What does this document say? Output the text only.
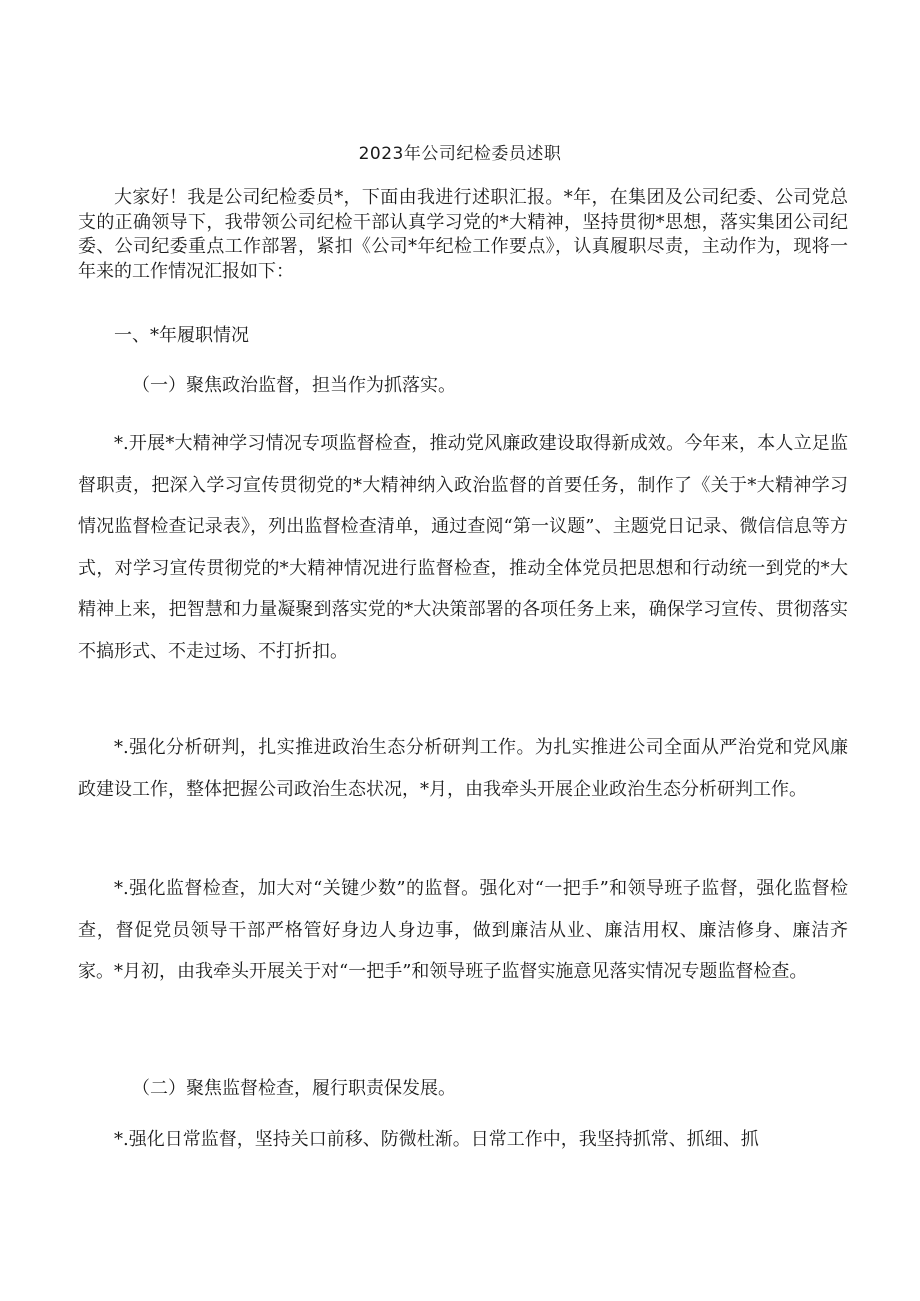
2023年公司纪检委员述职

大家好！我是公司纪检委员*，下面由我进行述职汇报。*年，在集团及公司纪委、公司党总支的正确领导下，我带领公司纪检干部认真学习党的*大精神，坚持贯彻*思想，落实集团公司纪委、公司纪委重点工作部署，紧扣《公司*年纪检工作要点》，认真履职尽责，主动作为，现将一年来的工作情况汇报如下：

一、*年履职情况
（一）聚焦政治监督，担当作为抓落实。

*.开展*大精神学习情况专项监督检查，推动党风廉政建设取得新成效。今年来，本人立足监督职责，把深入学习宣传贯彻党的*大精神纳入政治监督的首要任务，制作了《关于*大精神学习情况监督检查记录表》，列出监督检查清单，通过查阅“第一议题”、主题党日记录、微信信息等方式，对学习宣传贯彻党的*大精神情况进行监督检查，推动全体党员把思想和行动统一到党的*大精神上来，把智慧和力量凝聚到落实党的*大决策部署的各项任务上来，确保学习宣传、贯彻落实不搞形式、不走过场、不打折扣。

*.强化分析研判，扎实推进政治生态分析研判工作。为扎实推进公司全面从严治党和党风廉政建设工作，整体把握公司政治生态状况，*月，由我牵头开展企业政治生态分析研判工作。

*.强化监督检查，加大对“关键少数”的监督。强化对“一把手”和领导班子监督，强化监督检查，督促党员领导干部严格管好身边人身边事，做到廉洁从业、廉洁用权、廉洁修身、廉洁齐家。*月初，由我牵头开展关于对“一把手”和领导班子监督实施意见落实情况专题监督检查。

（二）聚焦监督检查，履行职责保发展。

*.强化日常监督，坚持关口前移、防微杜渐。日常工作中，我坚持抓常、抓细、抓
